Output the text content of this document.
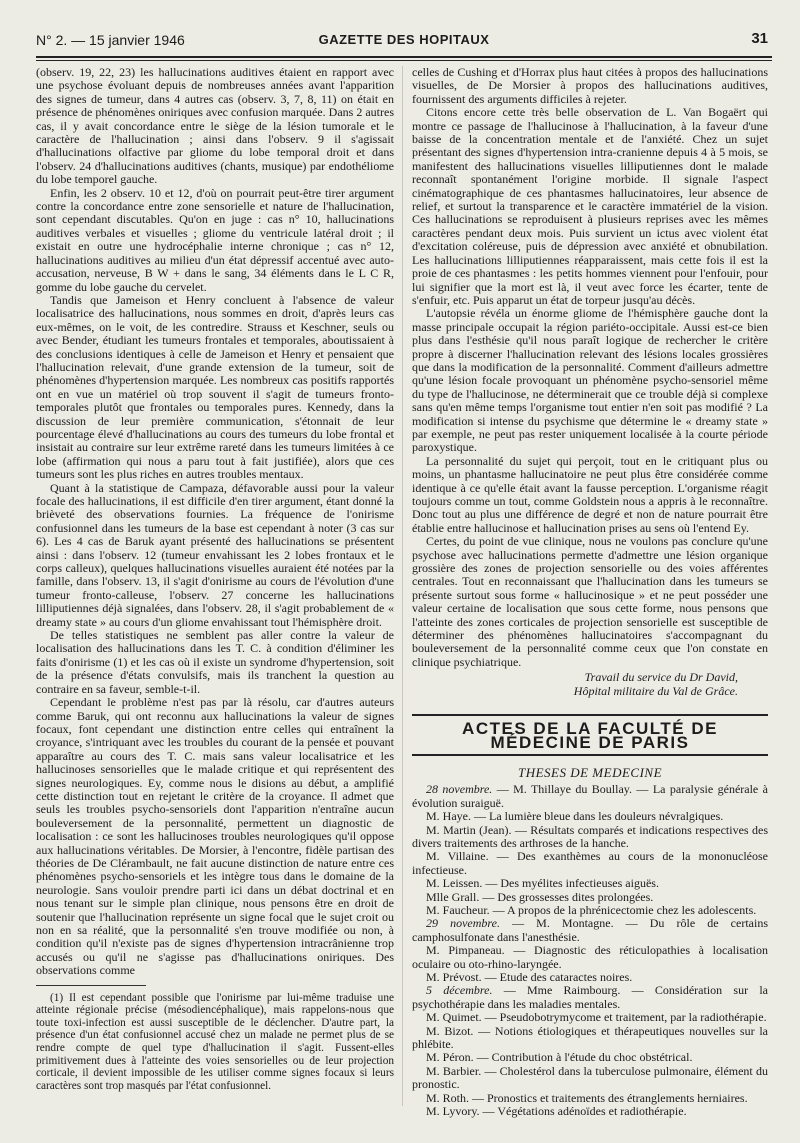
N° 2. — 15 janvier 1946	GAZETTE DES HOPITAUX	31

(observ. 19, 22, 23) les hallucinations auditives étaient en rapport avec une psychose évoluant depuis de nombreuses années avant l'apparition des signes de tumeur, dans 4 autres cas (observ. 3, 7, 8, 11) on était en présence de phénomènes oniriques avec confusion marquée. Dans 2 autres cas, il y avait concordance entre le siège de la lésion tumorale et le caractère de l'hallucination ; ainsi dans l'observ. 9 il s'agissait d'hallucinations olfactive par gliome du lobe temporal droit et dans l'observ. 24 d'hallucinations auditives (chants, musique) par endothéliome du lobe temporel gauche.

Enfin, les 2 observ. 10 et 12, d'où on pourrait peut-être tirer argument contre la concordance entre zone sensorielle et nature de l'hallucination, sont cependant discutables. Qu'on en juge : cas n° 10, hallucinations auditives verbales et visuelles ; gliome du ventricule latéral droit ; il existait en outre une hydrocéphalie interne chronique ; cas n° 12, hallucinations auditives au milieu d'un état dépressif accentué avec auto-accusation, nerveuse, B W + dans le sang, 34 éléments dans le L C R, gomme du lobe gauche du cervelet.

Tandis que Jameison et Henry concluent à l'absence de valeur localisatrice des hallucinations, nous sommes en droit, d'après leurs cas eux-mêmes, on le voit, de les contredire. Strauss et Keschner, seuls ou avec Bender, étudiant les tumeurs frontales et temporales, aboutissaient à des conclusions identiques à celle de Jameison et Henry et pensaient que l'hallucination relevait, d'une grande extension de la tumeur, soit de phénomènes d'hypertension marquée. Les nombreux cas positifs rapportés ont en vue un matériel où trop souvent il s'agit de tumeurs fronto-temporales plutôt que frontales ou temporales pures. Kennedy, dans la discussion de leur première communication, s'étonnait de leur pourcentage élevé d'hallucinations au cours des tumeurs du lobe frontal et insistait au contraire sur leur extrême rareté dans les tumeurs limitées à ce lobe (affirmation qui nous a paru tout à fait justifiée), alors que ces tumeurs sont les plus riches en autres troubles mentaux.

Quant à la statistique de Campaza, défavorable aussi pour la valeur focale des hallucinations, il est difficile d'en tirer argument, étant donné la brièveté des observations fournies. La fréquence de l'onirisme confusionnel dans les tumeurs de la base est cependant à noter (3 cas sur 6). Les 4 cas de Baruk ayant présenté des hallucinations se présentent ainsi : dans l'observ. 12 (tumeur envahissant les 2 lobes frontaux et le corps calleux), quelques hallucinations visuelles auraient été notées par la famille, dans l'observ. 13, il s'agit d'onirisme au cours de l'évolution d'une tumeur fronto-calleuse, l'observ. 27 concerne les hallucinations lilliputiennes déjà signalées, dans l'observ. 28, il s'agit probablement de « dreamy state » au cours d'un gliome envahissant tout l'hémisphère droit.

De telles statistiques ne semblent pas aller contre la valeur de localisation des hallucinations dans les T. C. à condition d'éliminer les faits d'onirisme (1) et les cas où il existe un syndrome d'hypertension, soit de la présence d'états convulsifs, mais ils tranchent la question au contraire en sa faveur, semble-t-il.

Cependant le problème n'est pas par là résolu, car d'autres auteurs comme Baruk, qui ont reconnu aux hallucinations la valeur de signes focaux, font cependant une distinction entre celles qui entraînent la croyance, s'intriquant avec les troubles du courant de la pensée et pouvant apparaître au cours des T. C. mais sans valeur localisatrice et les hallucinoses sensorielles que le malade critique et qui représentent des signes neurologiques. Ey, comme nous le disions au début, a amplifié cette distinction tout en rejetant le critère de la croyance. Il admet que seuls les troubles psycho-sensoriels dont l'apparition n'entraîne aucun bouleversement de la personnalité, permettent un diagnostic de localisation : ce sont les hallucinoses troubles neurologiques qu'il oppose aux hallucinations véritables. De Morsier, à l'encontre, fidèle partisan des théories de De Clérambault, ne fait aucune distinction de nature entre ces phénomènes psycho-sensoriels et les intègre tous dans le domaine de la neurologie. Sans vouloir prendre parti ici dans un débat doctrinal et en nous tenant sur le simple plan clinique, nous pensons être en droit de soutenir que l'hallucination représente un signe focal que le sujet croit ou non en sa réalité, que la personnalité s'en trouve modifiée ou non, à condition qu'il n'existe pas de signes d'hypertension intracrânienne trop accusés ou qu'il ne s'agisse pas d'hallucinations oniriques. Des observations comme

(1) Il est cependant possible que l'onirisme par lui-même traduise une atteinte régionale précise (mésodiencéphalique), mais rappelons-nous que toute toxi-infection est aussi susceptible de le déclencher. D'autre part, la présence d'un état confusionnel accusé chez un malade ne permet plus de se rendre compte de quel type d'hallucination il s'agit. Fussent-elles primitivement dues à l'atteinte des voies sensorielles ou de leur projection corticale, il devient impossible de les utiliser comme signes focaux si leurs caractères sont trop masqués par l'état confusionnel.

celles de Cushing et d'Horrax plus haut citées à propos des hallucinations visuelles, de De Morsier à propos des hallucinations auditives, fournissent des arguments difficiles à rejeter.

Citons encore cette très belle observation de L. Van Bogaërt qui montre ce passage de l'hallucinose à l'hallucination, à la faveur d'une baisse de la concentration mentale et de l'anxiété. Chez un sujet présentant des signes d'hypertension intra-cranienne depuis 4 à 5 mois, se manifestent des hallucinations visuelles lilliputiennes dont le malade reconnaît spontanément l'origine morbide. Il signale l'aspect cinématographique de ces phantasmes hallucinatoires, leur absence de relief, et surtout la transparence et le caractère immatériel de la vision. Ces hallucinations se reproduisent à plusieurs reprises avec les mêmes caractères pendant deux mois. Puis survient un ictus avec violent état d'excitation coléreuse, puis de dépression avec anxiété et obnubilation. Les hallucinations lilliputiennes réapparaissent, mais cette fois il est la proie de ces phantasmes : les petits hommes viennent pour l'enfouir, pour lui signifier que la mort est là, il veut avec force les écarter, tente de s'enfuir, etc. Puis apparut un état de torpeur jusqu'au décès.

L'autopsie révéla un énorme gliome de l'hémisphère gauche dont la masse principale occupait la région pariéto-occipitale. Aussi est-ce bien plus dans l'esthésie qu'il nous paraît logique de rechercher le critère propre à discerner l'hallucination relevant des lésions locales grossières que dans la modification de la personnalité. Comment d'ailleurs admettre qu'une lésion focale provoquant un phénomène psycho-sensoriel même du type de l'hallucinose, ne déterminerait que ce trouble déjà si complexe sans qu'en même temps l'organisme tout entier n'en soit pas modifié ? La modification si intense du psychisme que détermine le « dreamy state » par exemple, ne peut pas rester uniquement localisée à la courte période paroxystique.

La personnalité du sujet qui perçoit, tout en le critiquant plus ou moins, un phantasme hallucinatoire ne peut plus être considérée comme identique à ce qu'elle était avant la fausse perception. L'organisme réagit toujours comme un tout, comme Goldstein nous a appris à le reconnaître. Donc tout au plus une différence de degré et non de nature pourrait être établie entre hallucinose et hallucination prises au sens où l'entend Ey.

Certes, du point de vue clinique, nous ne voulons pas conclure qu'une psychose avec hallucinations permette d'admettre une lésion organique grossière des zones de projection sensorielle ou des voies afférentes centrales. Tout en reconnaissant que l'hallucination dans les tumeurs se présente surtout sous forme « hallucinosique » et ne peut posséder une valeur certaine de localisation que sous cette forme, nous pensons que l'atteinte des zones corticales de projection sensorielle est susceptible de déterminer des phénomènes hallucinatoires s'accompagnant du bouleversement de la personnalité comme ceux que l'on constate en clinique psychiatrique.

Travail du service du Dr David,
Hôpital militaire du Val de Grâce.
ACTES DE LA FACULTÉ DE MÉDECINE DE PARIS
THESES DE MEDECINE

28 novembre. — M. Thillaye du Boullay. — La paralysie générale à évolution suraiguë.

M. Haye. — La lumière bleue dans les douleurs névralgiques.

M. Martin (Jean). — Résultats comparés et indications respectives des divers traitements des arthroses de la hanche.

M. Villaine. — Des exanthèmes au cours de la mononucléose infectieuse.

M. Leissen. — Des myélites infectieuses aiguës.

Mlle Grall. — Des grossesses dites prolongées.

M. Faucheur. — A propos de la phrénicectomie chez les adolescents.

29 novembre. — M. Montagne. — Du rôle de certains camphosulfonate dans l'anesthésie.

M. Pimpaneau. — Diagnostic des réticulopathies à localisation oculaire ou oto-rhino-laryngée.

M. Prévost. — Etude des cataractes noires.

5 décembre. — Mme Raimbourg. — Considération sur la psychothérapie dans les maladies mentales.

M. Quimet. — Pseudobotrymycome et traitement, par la radiothérapie.

M. Bizot. — Notions étiologiques et thérapeutiques nouvelles sur la phlébite.

M. Péron. — Contribution à l'étude du choc obstétrical.

M. Barbier. — Cholestérol dans la tuberculose pulmonaire, élément du pronostic.

M. Roth. — Pronostics et traitements des étranglements herniaires.

M. Lyvory. — Végétations adénoïdes et radiothérapie.
